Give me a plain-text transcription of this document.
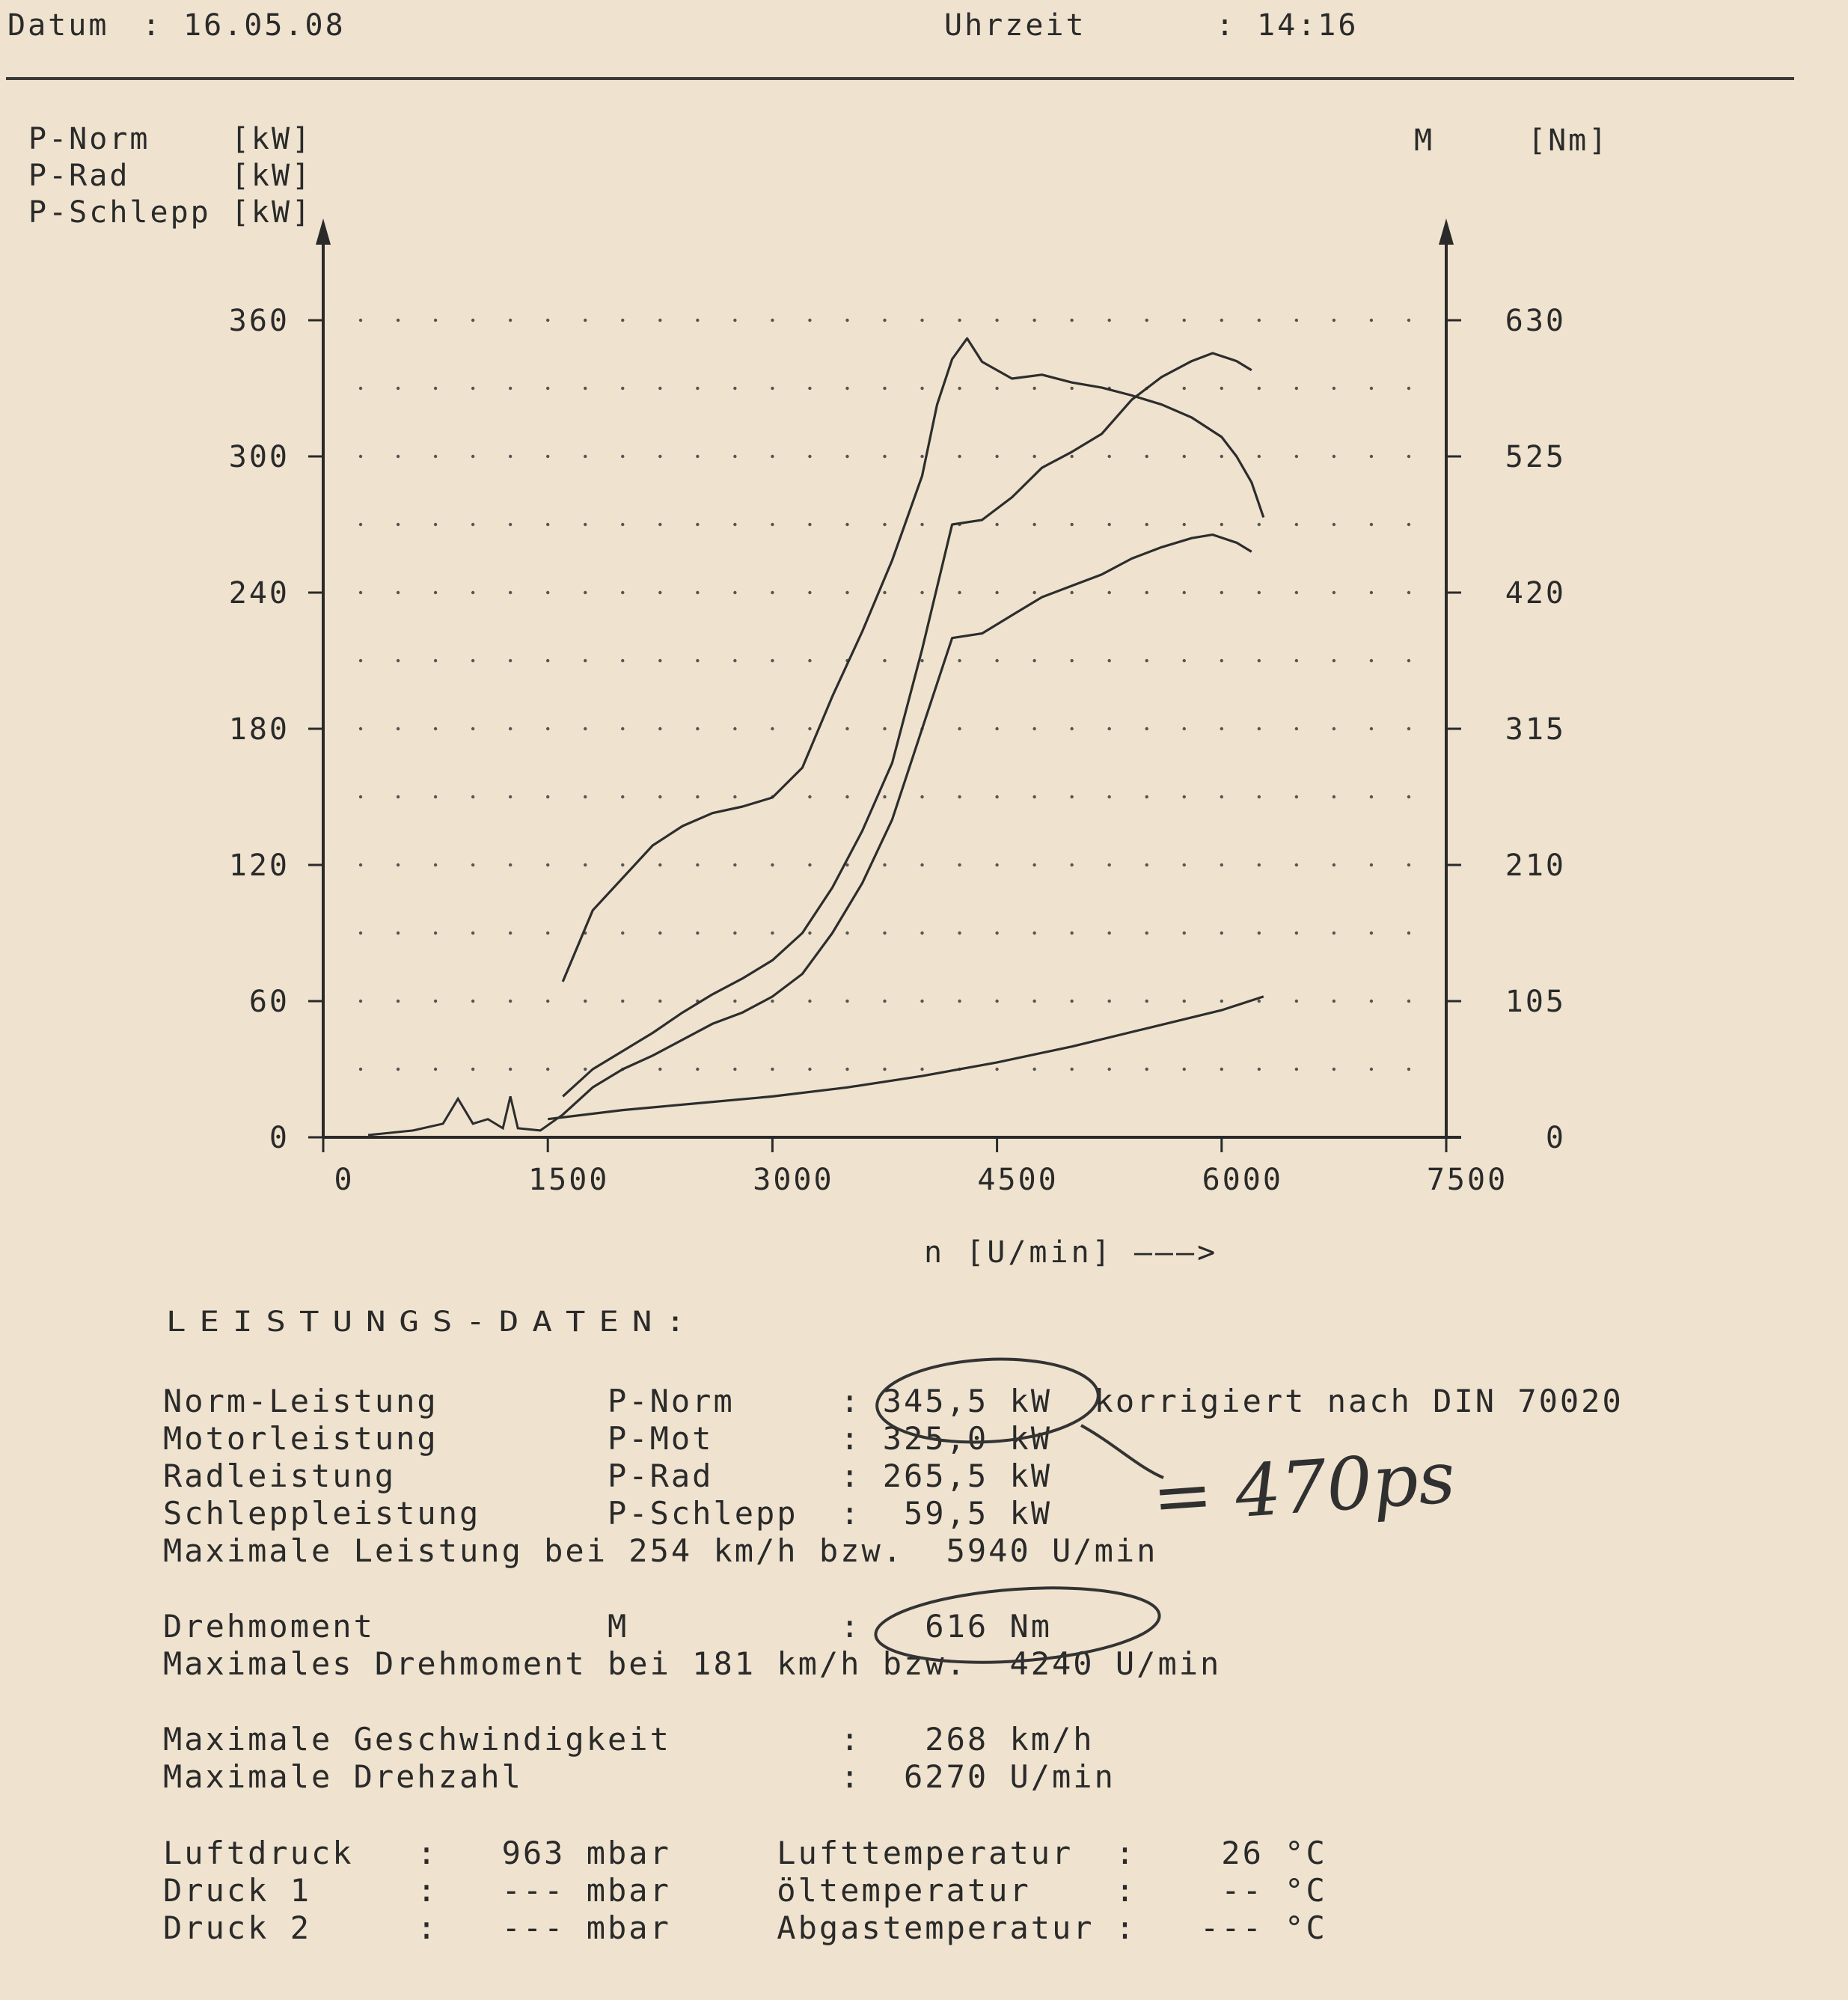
Datum : 16.05.08	Uhrzeit	: 14:16
P-Norm    [kW]
P-Rad     [kW]
P-Schlepp [kW]
M	[Nm]
0
60
120
180
240
300
360
0
105
210
315
420
525
630
0	1500	3000	4500	6000	7500
n [U/min] ———>
LEISTUNGS-DATEN:
Norm-Leistung        P-Norm     : 345,5 kW  korrigiert nach DIN 70020
Motorleistung        P-Mot      : 325,0 kW
Radleistung          P-Rad      : 265,5 kW
Schleppleistung      P-Schlepp  :  59,5 kW
Maximale Leistung bei 254 km/h bzw.  5940 U/min
Drehmoment           M          :   616 Nm
Maximales Drehmoment bei 181 km/h bzw.  4240 U/min
Maximale Geschwindigkeit        :   268 km/h
Maximale Drehzahl               :  6270 U/min
Luftdruck   :   963 mbar     Lufttemperatur  :    26 °C
Druck 1     :   --- mbar     öltemperatur    :    -- °C
Druck 2     :   --- mbar     Abgastemperatur :   --- °C
= 470ps
